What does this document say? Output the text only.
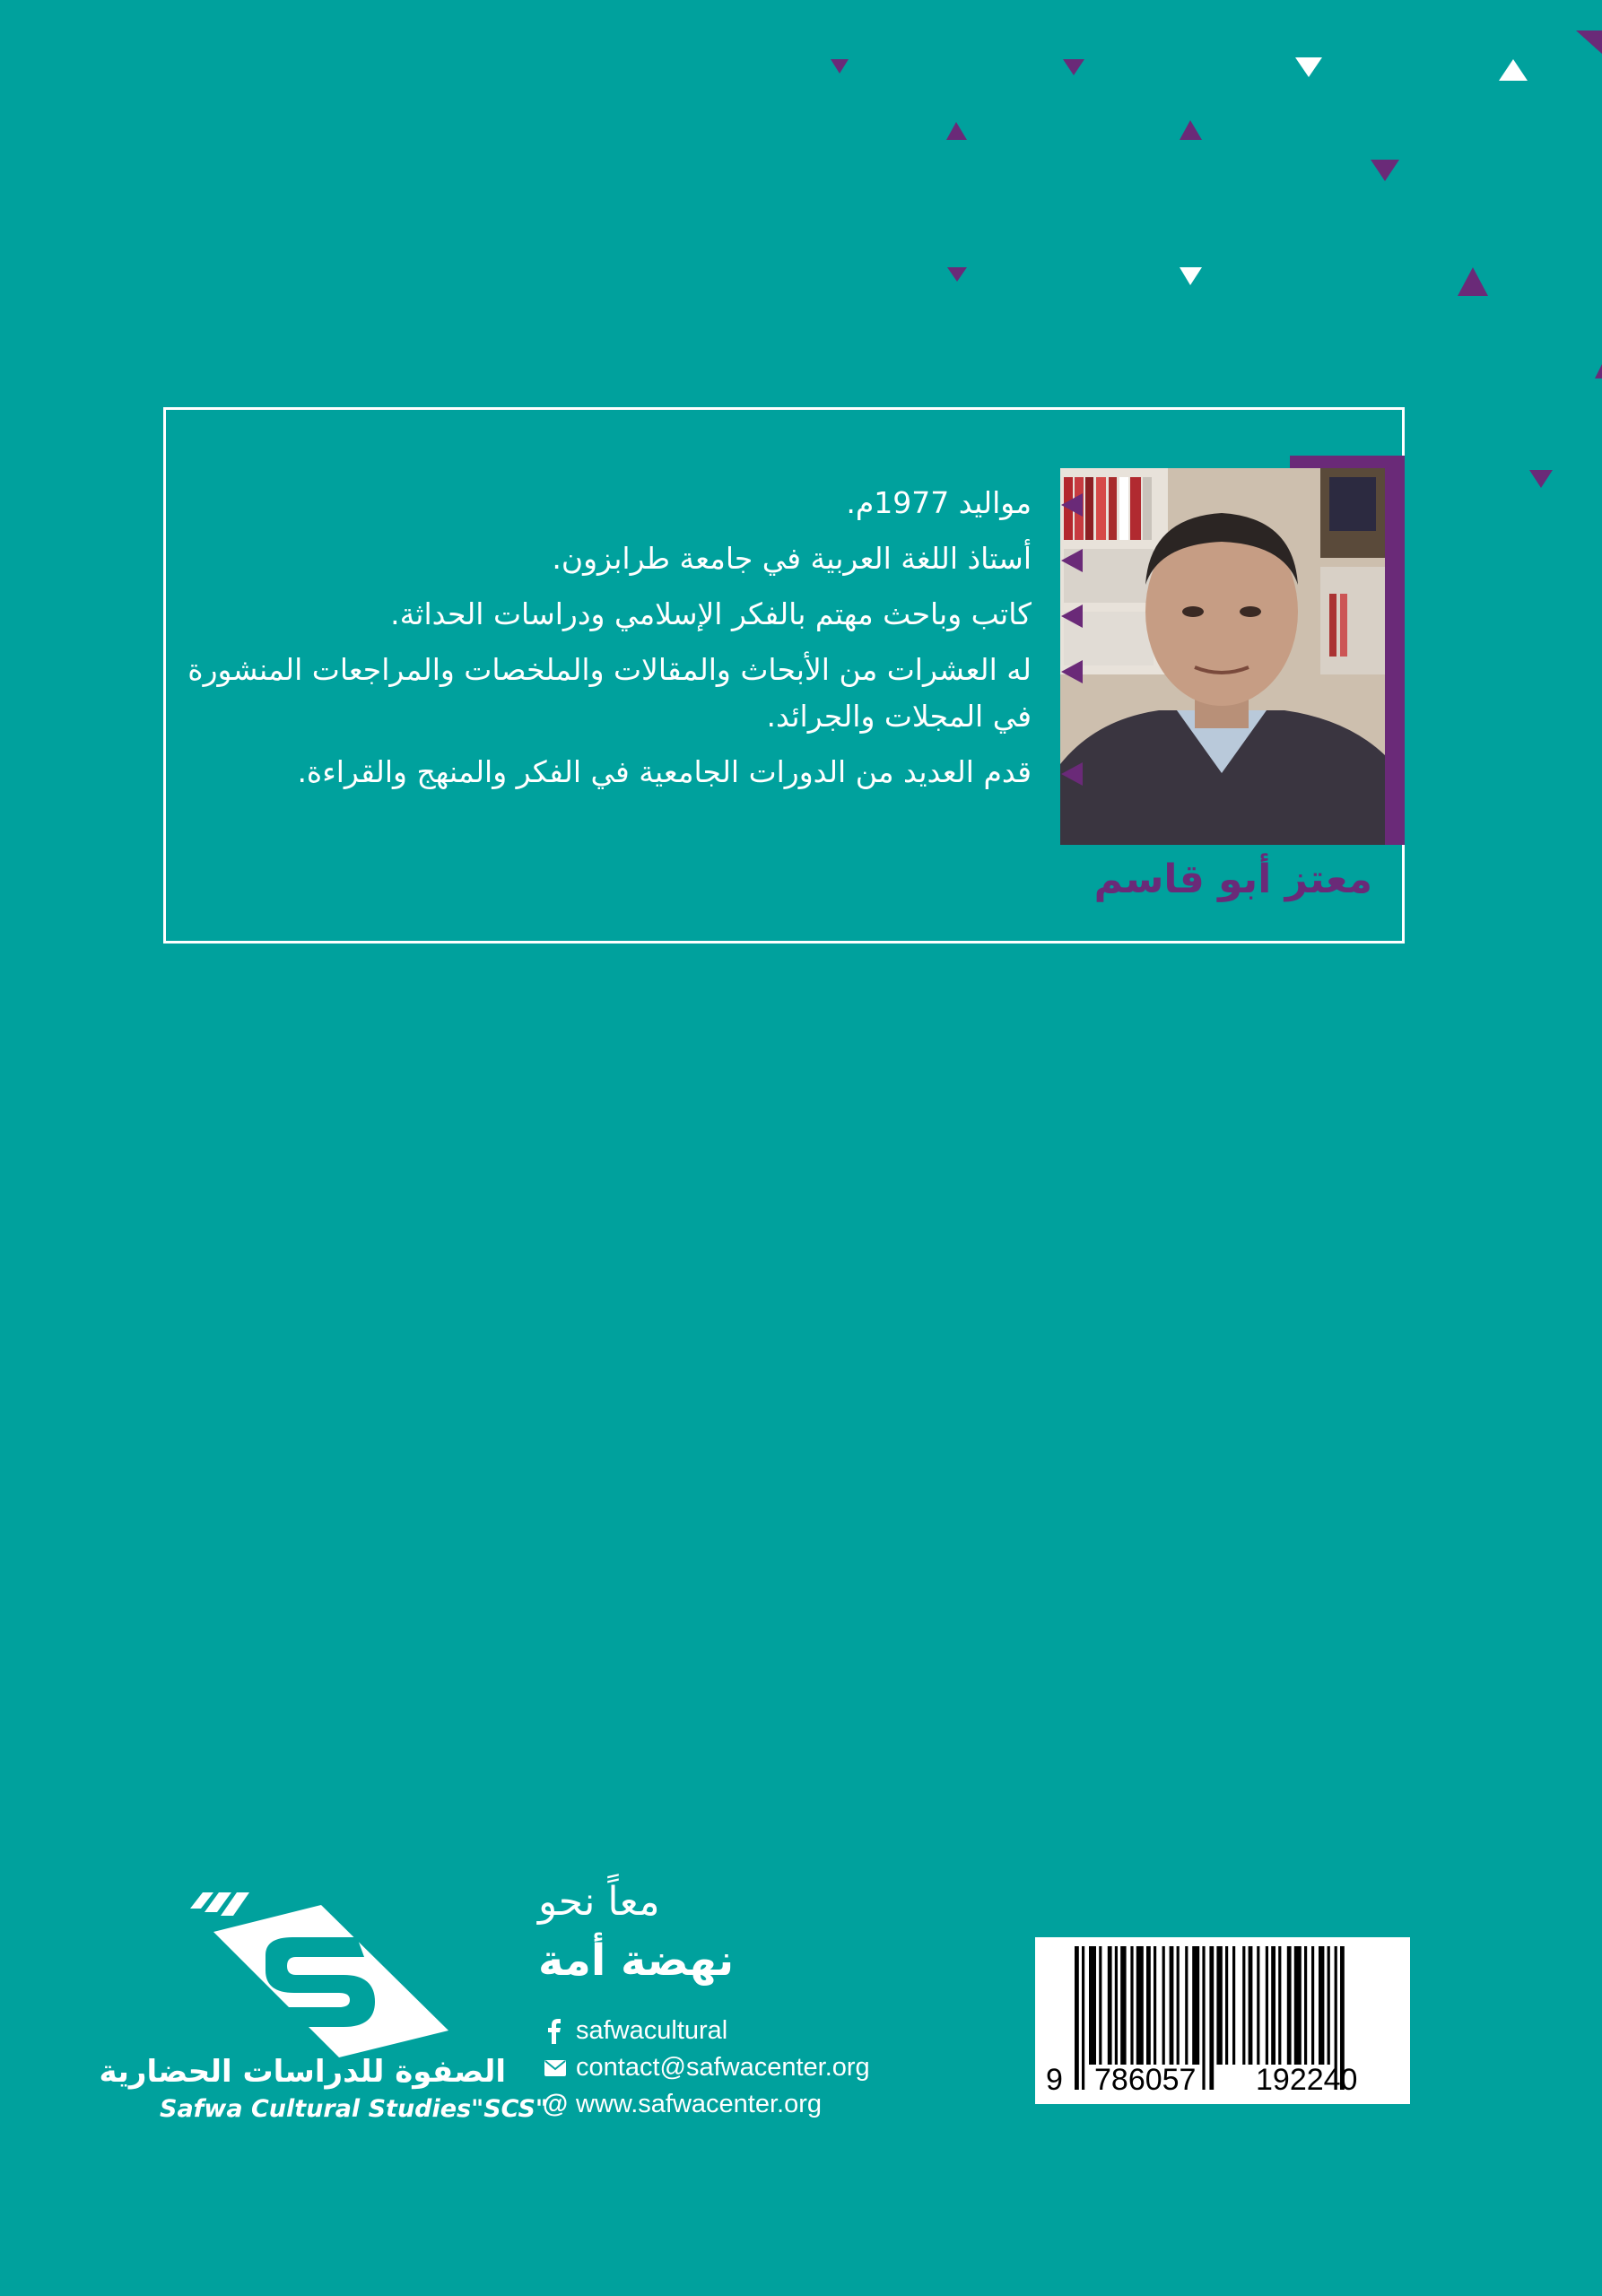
معتز أبو قاسم
مواليد 1977م.
أستاذ اللغة العربية في جامعة طرابزون.
كاتب وباحث مهتم بالفكر الإسلامي ودراسات الحداثة.
له العشرات من الأبحاث والمقالات والملخصات والمراجعات المنشورة في المجلات والجرائد.
قدم العديد من الدورات الجامعية في الفكر والمنهج والقراءة.
الصفوة للدراسات الحضارية
Safwa Cultural Studies"SCS"
معاً نحو
نهضة أمة
safwacultural
contact@safwacenter.org
@ www.safwacenter.org
9 786057 192240
